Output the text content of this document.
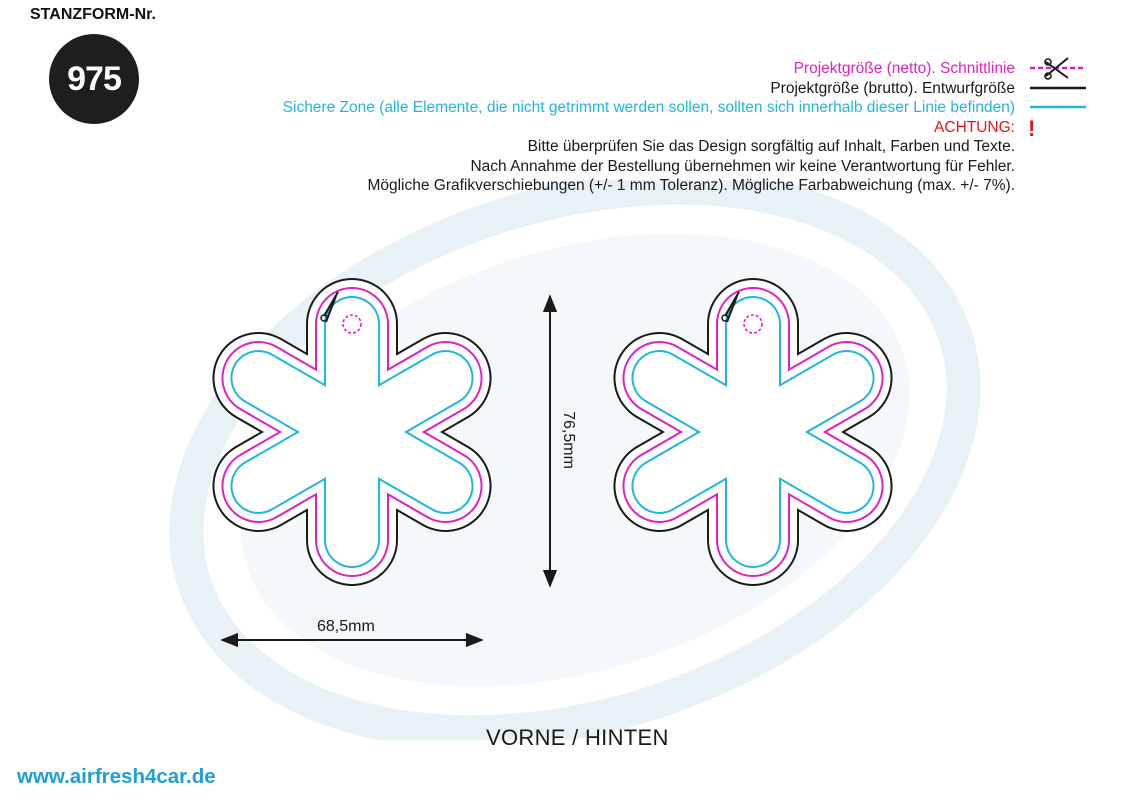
STANZFORM-Nr.
975	Projektgröße (netto). Schnittlinie
Projektgröße (brutto). Entwurfgröße
Sichere Zone (alle Elemente, die nicht getrimmt werden sollen, sollten sich innerhalb dieser Linie befinden)
ACHTUNG:
Bitte überprüfen Sie das Design sorgfältig auf Inhalt, Farben und Texte.
Nach Annahme der Bestellung übernehmen wir keine Verantwortung für Fehler.
Mögliche Grafikverschiebungen (+/- 1 mm Toleranz). Mögliche Farbabweichung (max. +/- 7%).
!
68,5mm
76,5mm
VORNE / HINTEN
www.airfresh4car.de
